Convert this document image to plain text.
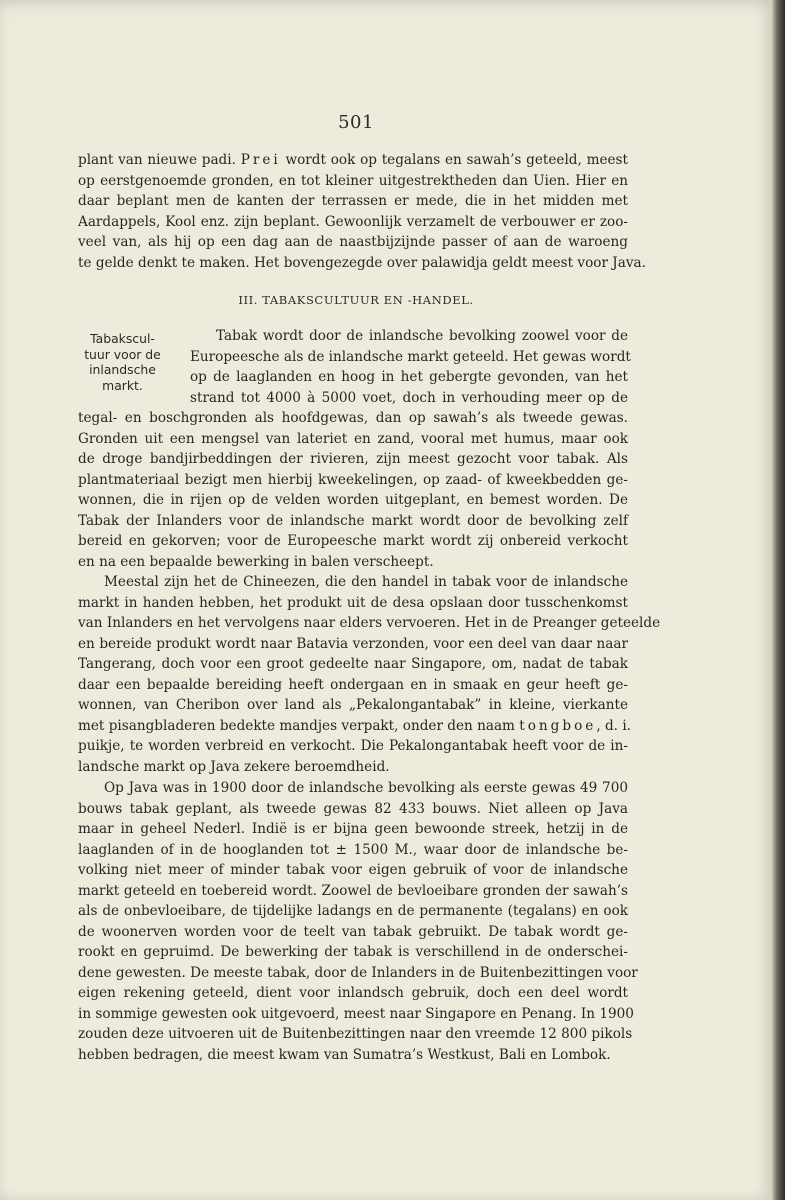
501
plant van nieuwe padi. Prei wordt ook op tegalans en sawah’s geteeld, meest
op eerstgenoemde gronden, en tot kleiner uitgestrektheden dan Uien. Hier en
daar beplant men de kanten der terrassen er mede, die in het midden met
Aardappels, Kool enz. zijn beplant. Gewoonlijk verzamelt de verbouwer er zoo-
veel van, als hij op een dag aan de naastbijzijnde passer of aan de waroeng
te gelde denkt te maken. Het bovengezegde over palawidja geldt meest voor Java.
III. TABAKSCULTUUR EN -HANDEL.
Tabakscul-
tuur voor de
inlandsche
markt.
Tabak wordt door de inlandsche bevolking zoowel voor de
Europeesche als de inlandsche markt geteeld. Het gewas wordt
op de laaglanden en hoog in het gebergte gevonden, van het
strand tot 4000 à 5000 voet, doch in verhouding meer op de
tegal- en boschgronden als hoofdgewas, dan op sawah’s als tweede gewas.
Gronden uit een mengsel van lateriet en zand, vooral met humus, maar ook
de droge bandjirbeddingen der rivieren, zijn meest gezocht voor tabak. Als
plantmateriaal bezigt men hierbij kweekelingen, op zaad- of kweekbedden ge-
wonnen, die in rijen op de velden worden uitgeplant, en bemest worden. De
Tabak der Inlanders voor de inlandsche markt wordt door de bevolking zelf
bereid en gekorven; voor de Europeesche markt wordt zij onbereid verkocht
en na een bepaalde bewerking in balen verscheept.
Meestal zijn het de Chineezen, die den handel in tabak voor de inlandsche
markt in handen hebben, het produkt uit de desa opslaan door tusschenkomst
van Inlanders en het vervolgens naar elders vervoeren. Het in de Preanger geteelde
en bereide produkt wordt naar Batavia verzonden, voor een deel van daar naar
Tangerang, doch voor een groot gedeelte naar Singapore, om, nadat de tabak
daar een bepaalde bereiding heeft ondergaan en in smaak en geur heeft ge-
wonnen, van Cheribon over land als „Pekalongantabak” in kleine, vierkante
met pisangbladeren bedekte mandjes verpakt, onder den naam tongboe, d. i.
puikje, te worden verbreid en verkocht. Die Pekalongantabak heeft voor de in-
landsche markt op Java zekere beroemdheid.
Op Java was in 1900 door de inlandsche bevolking als eerste gewas 49 700
bouws tabak geplant, als tweede gewas 82 433 bouws. Niet alleen op Java
maar in geheel Nederl. Indië is er bijna geen bewoonde streek, hetzij in de
laaglanden of in de hooglanden tot ± 1500 M., waar door de inlandsche be-
volking niet meer of minder tabak voor eigen gebruik of voor de inlandsche
markt geteeld en toebereid wordt. Zoowel de bevloeibare gronden der sawah’s
als de onbevloeibare, de tijdelijke ladangs en de permanente (tegalans) en ook
de woonerven worden voor de teelt van tabak gebruikt. De tabak wordt ge-
rookt en gepruimd. De bewerking der tabak is verschillend in de onderschei-
dene gewesten. De meeste tabak, door de Inlanders in de Buitenbezittingen voor
eigen rekening geteeld, dient voor inlandsch gebruik, doch een deel wordt
in sommige gewesten ook uitgevoerd, meest naar Singapore en Penang. In 1900
zouden deze uitvoeren uit de Buitenbezittingen naar den vreemde 12 800 pikols
hebben bedragen, die meest kwam van Sumatra’s Westkust, Bali en Lombok.
